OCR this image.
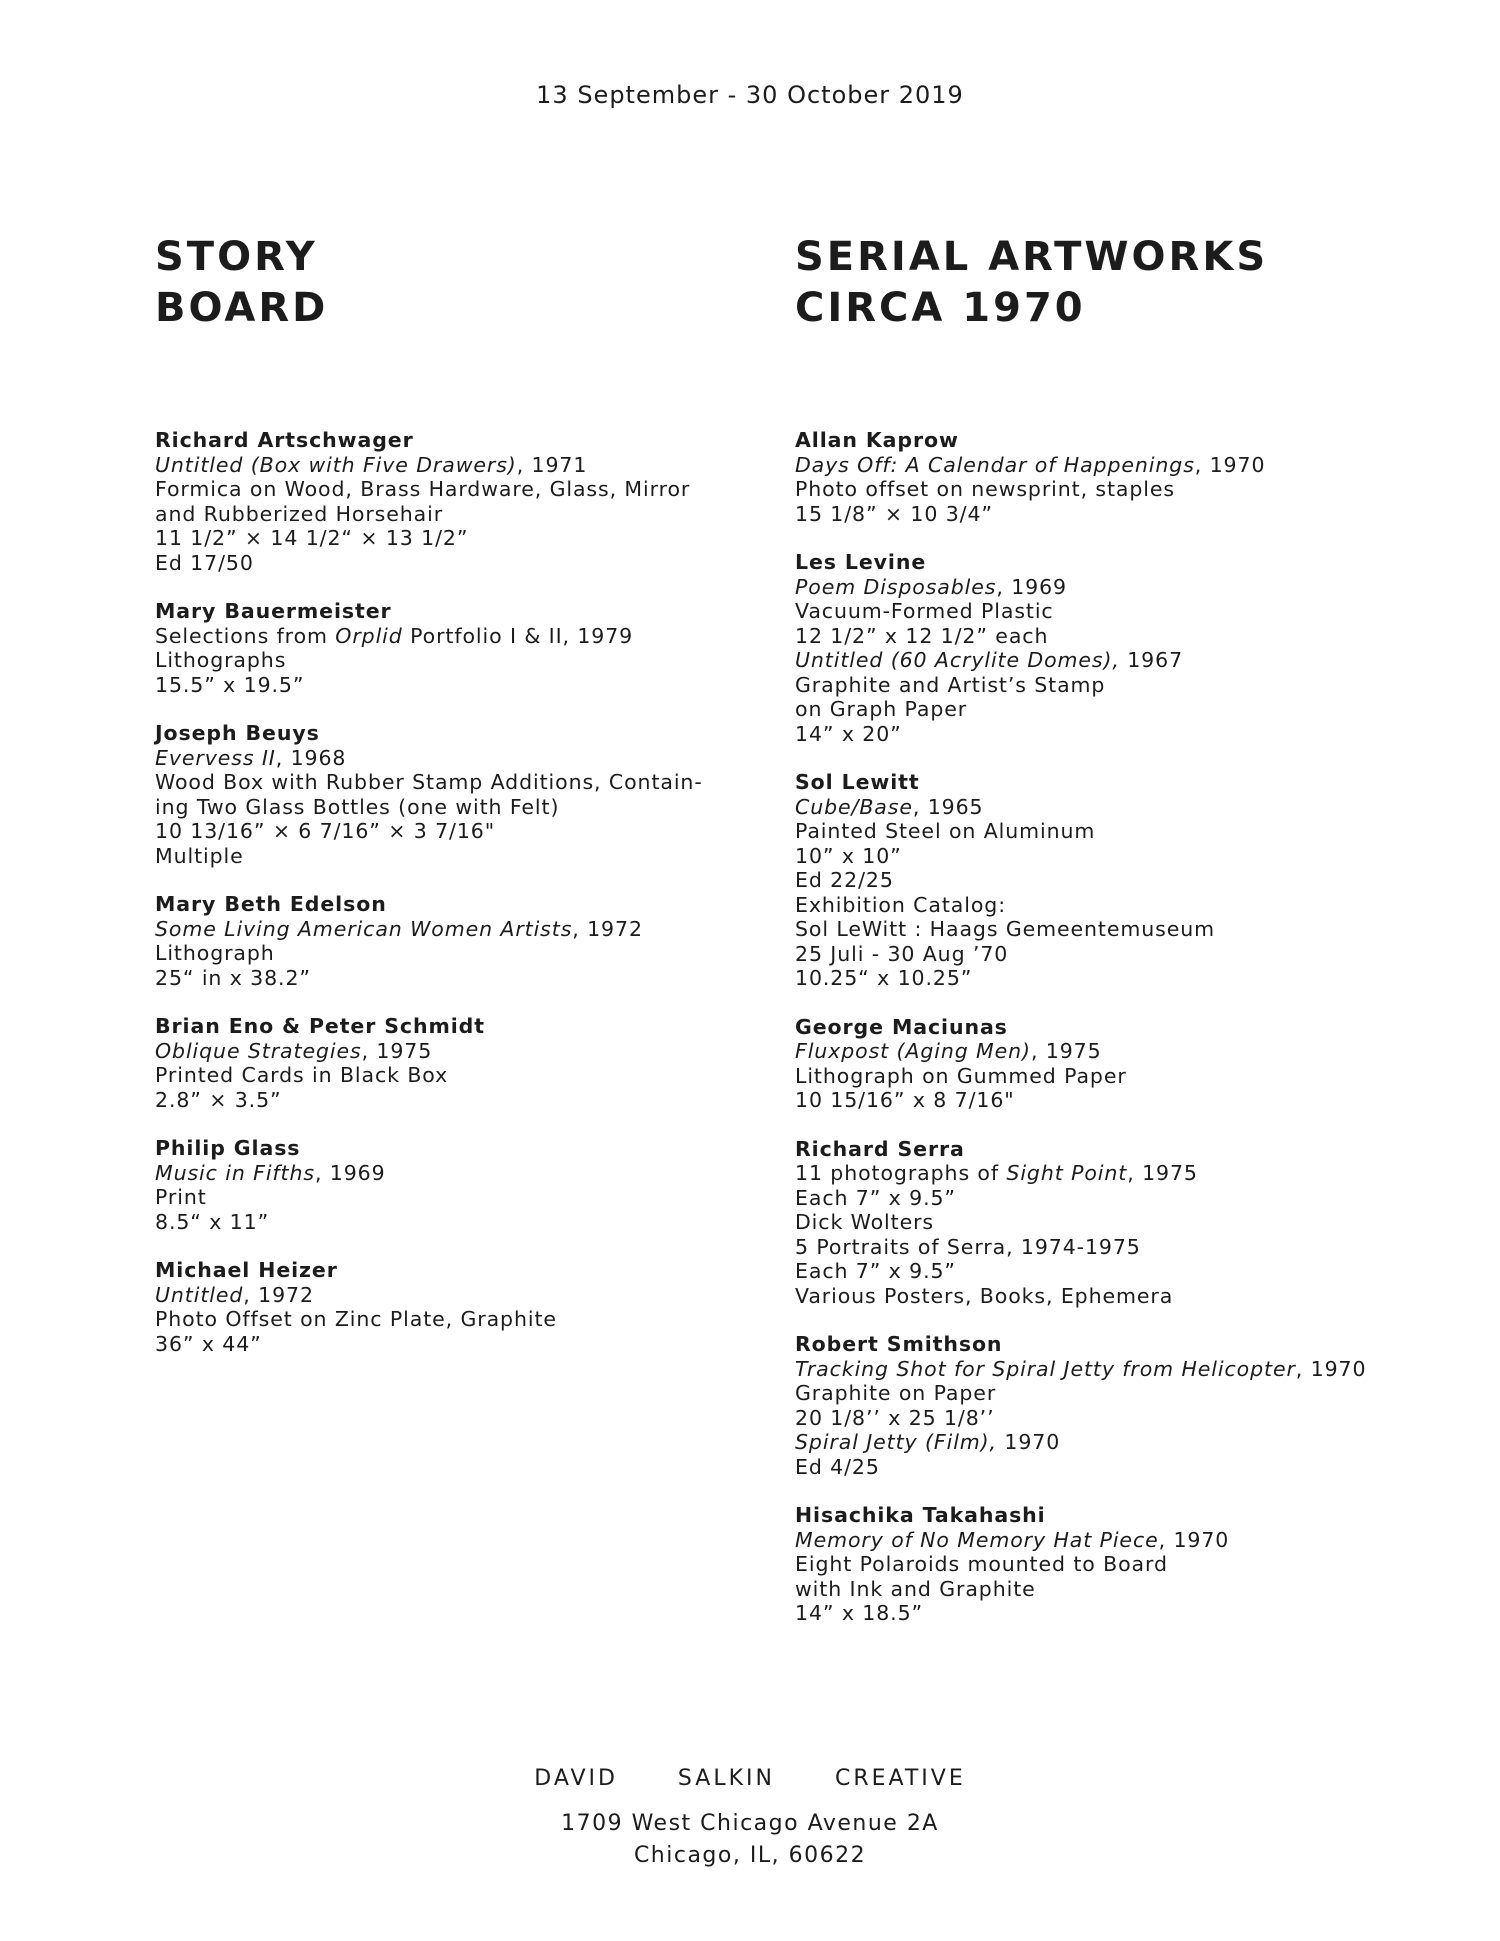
13 September - 30 October 2019
STORY
BOARD
Richard Artschwager
Untitled (Box with Five Drawers), 1971
Formica on Wood, Brass Hardware, Glass, Mirror
and Rubberized Horsehair
11 1/2” × 14 1/2“ × 13 1/2”
Ed 17/50
Mary Bauermeister
Selections from Orplid Portfolio I & II, 1979
Lithographs
15.5” x 19.5”
Joseph Beuys
Evervess II, 1968
Wood Box with Rubber Stamp Additions, Contain-
ing Two Glass Bottles (one with Felt)
10 13/16” × 6 7/16” × 3 7/16"
Multiple
Mary Beth Edelson
Some Living American Women Artists, 1972
Lithograph
25“ in x 38.2”
Brian Eno & Peter Schmidt
Oblique Strategies, 1975
Printed Cards in Black Box
2.8” × 3.5”
Philip Glass
Music in Fifths, 1969
Print
8.5“ x 11”
Michael Heizer
Untitled, 1972
Photo Offset on Zinc Plate, Graphite
36” x 44”
SERIAL ARTWORKS
CIRCA 1970
Allan Kaprow
Days Off: A Calendar of Happenings, 1970
Photo offset on newsprint, staples
15 1/8” × 10 3/4”
Les Levine
Poem Disposables, 1969
Vacuum-Formed Plastic
12 1/2” x 12 1/2” each
Untitled (60 Acrylite Domes), 1967
Graphite and Artist’s Stamp
on Graph Paper
14” x 20”
Sol Lewitt
Cube/Base, 1965
Painted Steel on Aluminum
10” x 10”
Ed 22/25
Exhibition Catalog:
Sol LeWitt : Haags Gemeentemuseum
25 Juli - 30 Aug ’70
10.25“ x 10.25”
George Maciunas
Fluxpost (Aging Men), 1975
Lithograph on Gummed Paper
10 15/16” x 8 7/16"
Richard Serra
11 photographs of Sight Point, 1975
Each 7” x 9.5”
Dick Wolters
5 Portraits of Serra, 1974-1975
Each 7” x 9.5”
Various Posters, Books, Ephemera
Robert Smithson
Tracking Shot for Spiral Jetty from Helicopter, 1970
Graphite on Paper
20 1/8’’ x 25 1/8’’
Spiral Jetty (Film), 1970
Ed 4/25
Hisachika Takahashi
Memory of No Memory Hat Piece, 1970
Eight Polaroids mounted to Board
with Ink and Graphite
14” x 18.5”
DAVID   SALKIN   CREATIVE
1709 West Chicago Avenue 2A
Chicago, IL, 60622
